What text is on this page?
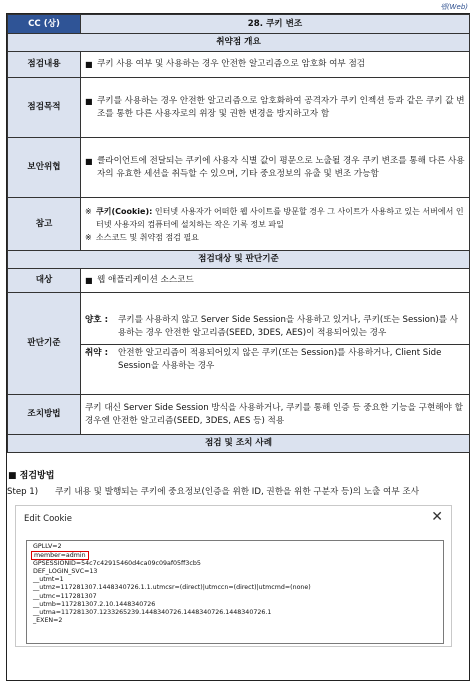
웹(Web)
CC (상)	28. 쿠키 변조
취약점 개요	
점검내용	■ 쿠키 사용 여부 및 사용하는 경우 안전한 알고리즘으로 암호화 여부 점검

점검목적	■ 쿠키를 사용하는 경우 안전한 알고리즘으로 암호화하여 공격자가 쿠키 인젝션 등과 같은 쿠키 값 변조를 통한 다른 사용자로의 위장 및 권한 변경을 방지하고자 함

보안위협	■ 클라이언트에 전달되는 쿠키에 사용자 식별 값이 평문으로 노출될 경우 쿠키 변조를 통해 다른 사용자의 유효한 세션을 취득할 수 있으며, 기타 중요정보의 유출 및 변조 가능함

참고	※ 쿠키(Cookie): 인터넷 사용자가 어떠한 웹 사이트를 방문할 경우 그 사이트가 사용하고 있는 서버에서 인터넷 사용자의 컴퓨터에 설치하는 작은 기록 정보 파일
※ 소스코드 및 취약점 점검 필요

점검대상 및 판단기준	
대상	■ 웹 애플리케이션 소스코드

판단기준	양호 : 쿠키를 사용하지 않고 Server Side Session을 사용하고 있거나, 쿠키(또는 Session)를 사용하는 경우 안전한 알고리즘(SEED, 3DES, AES)이 적용되어있는 경우
취약 : 안전한 알고리즘이 적용되어있지 않은 쿠키(또는 Session)를 사용하거나, Client Side Session을 사용하는 경우

조치방법	쿠키 대신 Server Side Session 방식을 사용하거나, 쿠키를 통해 인증 등 중요한 기능을 구현해야 할 경우엔 안전한 알고리즘(SEED, 3DES, AES 등) 적용
점검 및 조치 사례	
■ 점검방법
Step 1)	쿠키 내용 및 발행되는 쿠키에 중요정보(인증을 위한 ID, 권한을 위한 구분자 등)의 노출 여부 조사
Edit Cookie	✕
GPLLV=2
member=admin
GPSESSIONID=54c7c42915460d4ca09c09af05ff3cb5
DEF_LOGIN_SVC=13
__utmt=1
__utmz=117281307.1448340726.1.1.utmcsr=(direct)|utmccn=(direct)|utmcmd=(none)
__utmc=117281307
__utmb=117281307.2.10.1448340726
__utma=117281307.1233265239.1448340726.1448340726.1448340726.1
_EXEN=2
